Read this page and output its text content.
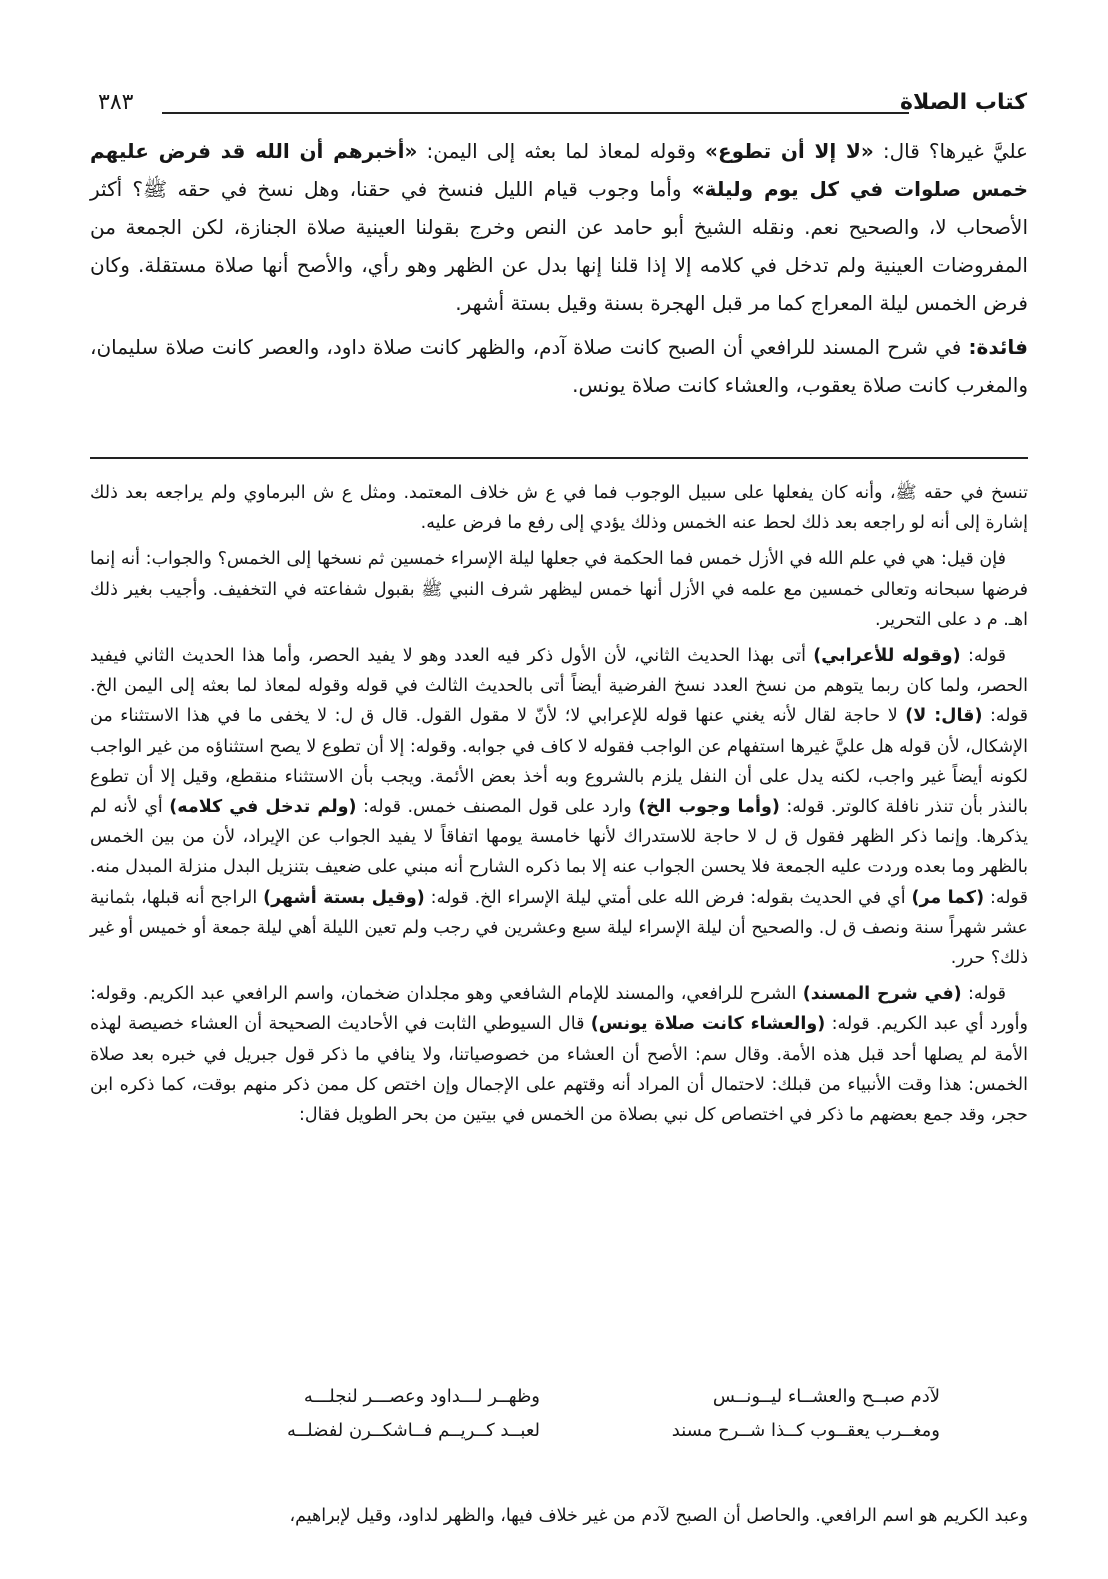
كتاب الصلاة
٣٨٣

عليَّ غيرها؟ قال: «لا إلا أن تطوع» وقوله لمعاذ لما بعثه إلى اليمن: «أخبرهم أن الله قد فرض عليهم خمس صلوات في كل يوم وليلة» وأما وجوب قيام الليل فنسخ في حقنا، وهل نسخ في حقه ﷺ؟ أكثر الأصحاب لا، والصحيح نعم. ونقله الشيخ أبو حامد عن النص وخرج بقولنا العينية صلاة الجنازة، لكن الجمعة من المفروضات العينية ولم تدخل في كلامه إلا إذا قلنا إنها بدل عن الظهر وهو رأي، والأصح أنها صلاة مستقلة. وكان فرض الخمس ليلة المعراج كما مر قبل الهجرة بسنة وقيل بستة أشهر.

فائدة: في شرح المسند للرافعي أن الصبح كانت صلاة آدم، والظهر كانت صلاة داود، والعصر كانت صلاة سليمان، والمغرب كانت صلاة يعقوب، والعشاء كانت صلاة يونس.

تنسخ في حقه ﷺ، وأنه كان يفعلها على سبيل الوجوب فما في ع ش خلاف المعتمد. ومثل ع ش البرماوي ولم يراجعه بعد ذلك إشارة إلى أنه لو راجعه بعد ذلك لحط عنه الخمس وذلك يؤدي إلى رفع ما فرض عليه.

فإن قيل: هي في علم الله في الأزل خمس فما الحكمة في جعلها ليلة الإسراء خمسين ثم نسخها إلى الخمس؟ والجواب: أنه إنما فرضها سبحانه وتعالى خمسين مع علمه في الأزل أنها خمس ليظهر شرف النبي ﷺ بقبول شفاعته في التخفيف. وأجيب بغير ذلك اهـ. م د على التحرير.

قوله: (وقوله للأعرابي) أتى بهذا الحديث الثاني، لأن الأول ذكر فيه العدد وهو لا يفيد الحصر، وأما هذا الحديث الثاني فيفيد الحصر، ولما كان ربما يتوهم من نسخ العدد نسخ الفرضية أيضاً أتى بالحديث الثالث في قوله وقوله لمعاذ لما بعثه إلى اليمن الخ. قوله: (قال: لا) لا حاجة لقال لأنه يغني عنها قوله للإعرابي لا؛ لأنّ لا مقول القول. قال ق ل: لا يخفى ما في هذا الاستثناء من الإشكال، لأن قوله هل عليَّ غيرها استفهام عن الواجب فقوله لا كاف في جوابه. وقوله: إلا أن تطوع لا يصح استثناؤه من غير الواجب لكونه أيضاً غير واجب، لكنه يدل على أن النفل يلزم بالشروع وبه أخذ بعض الأئمة. ويجب بأن الاستثناء منقطع، وقيل إلا أن تطوع بالنذر بأن تنذر نافلة كالوتر. قوله: (وأما وجوب الخ) وارد على قول المصنف خمس. قوله: (ولم تدخل في كلامه) أي لأنه لم يذكرها. وإنما ذكر الظهر فقول ق ل لا حاجة للاستدراك لأنها خامسة يومها اتفاقاً لا يفيد الجواب عن الإيراد، لأن من بين الخمس بالظهر وما بعده وردت عليه الجمعة فلا يحسن الجواب عنه إلا بما ذكره الشارح أنه مبني على ضعيف بتنزيل البدل منزلة المبدل منه. قوله: (كما مر) أي في الحديث بقوله: فرض الله على أمتي ليلة الإسراء الخ. قوله: (وقيل بستة أشهر) الراجح أنه قبلها، بثمانية عشر شهراً سنة ونصف ق ل. والصحيح أن ليلة الإسراء ليلة سبع وعشرين في رجب ولم تعين الليلة أهي ليلة جمعة أو خميس أو غير ذلك؟ حرر.

قوله: (في شرح المسند) الشرح للرافعي، والمسند للإمام الشافعي وهو مجلدان ضخمان، واسم الرافعي عبد الكريم. وقوله: وأورد أي عبد الكريم. قوله: (والعشاء كانت صلاة يونس) قال السيوطي الثابت في الأحاديث الصحيحة أن العشاء خصيصة لهذه الأمة لم يصلها أحد قبل هذه الأمة. وقال سم: الأصح أن العشاء من خصوصياتنا، ولا ينافي ما ذكر قول جبريل في خبره بعد صلاة الخمس: هذا وقت الأنبياء من قبلك: لاحتمال أن المراد أنه وقتهم على الإجمال وإن اختص كل ممن ذكر منهم بوقت، كما ذكره ابن حجر، وقد جمع بعضهم ما ذكر في اختصاص كل نبي بصلاة من الخمس في بيتين من بحر الطويل فقال:

لآدم صبــح والعشــاء ليــونــس
وظهــر لـــداود وعصـــر لنجلـــه
ومغــرب يعقــوب كــذا شــرح مسند
لعبــد كــريــم فــاشكــرن لفضلــه
وعبد الكريم هو اسم الرافعي. والحاصل أن الصبح لآدم من غير خلاف فيها، والظهر لداود، وقيل لإبراهيم،
